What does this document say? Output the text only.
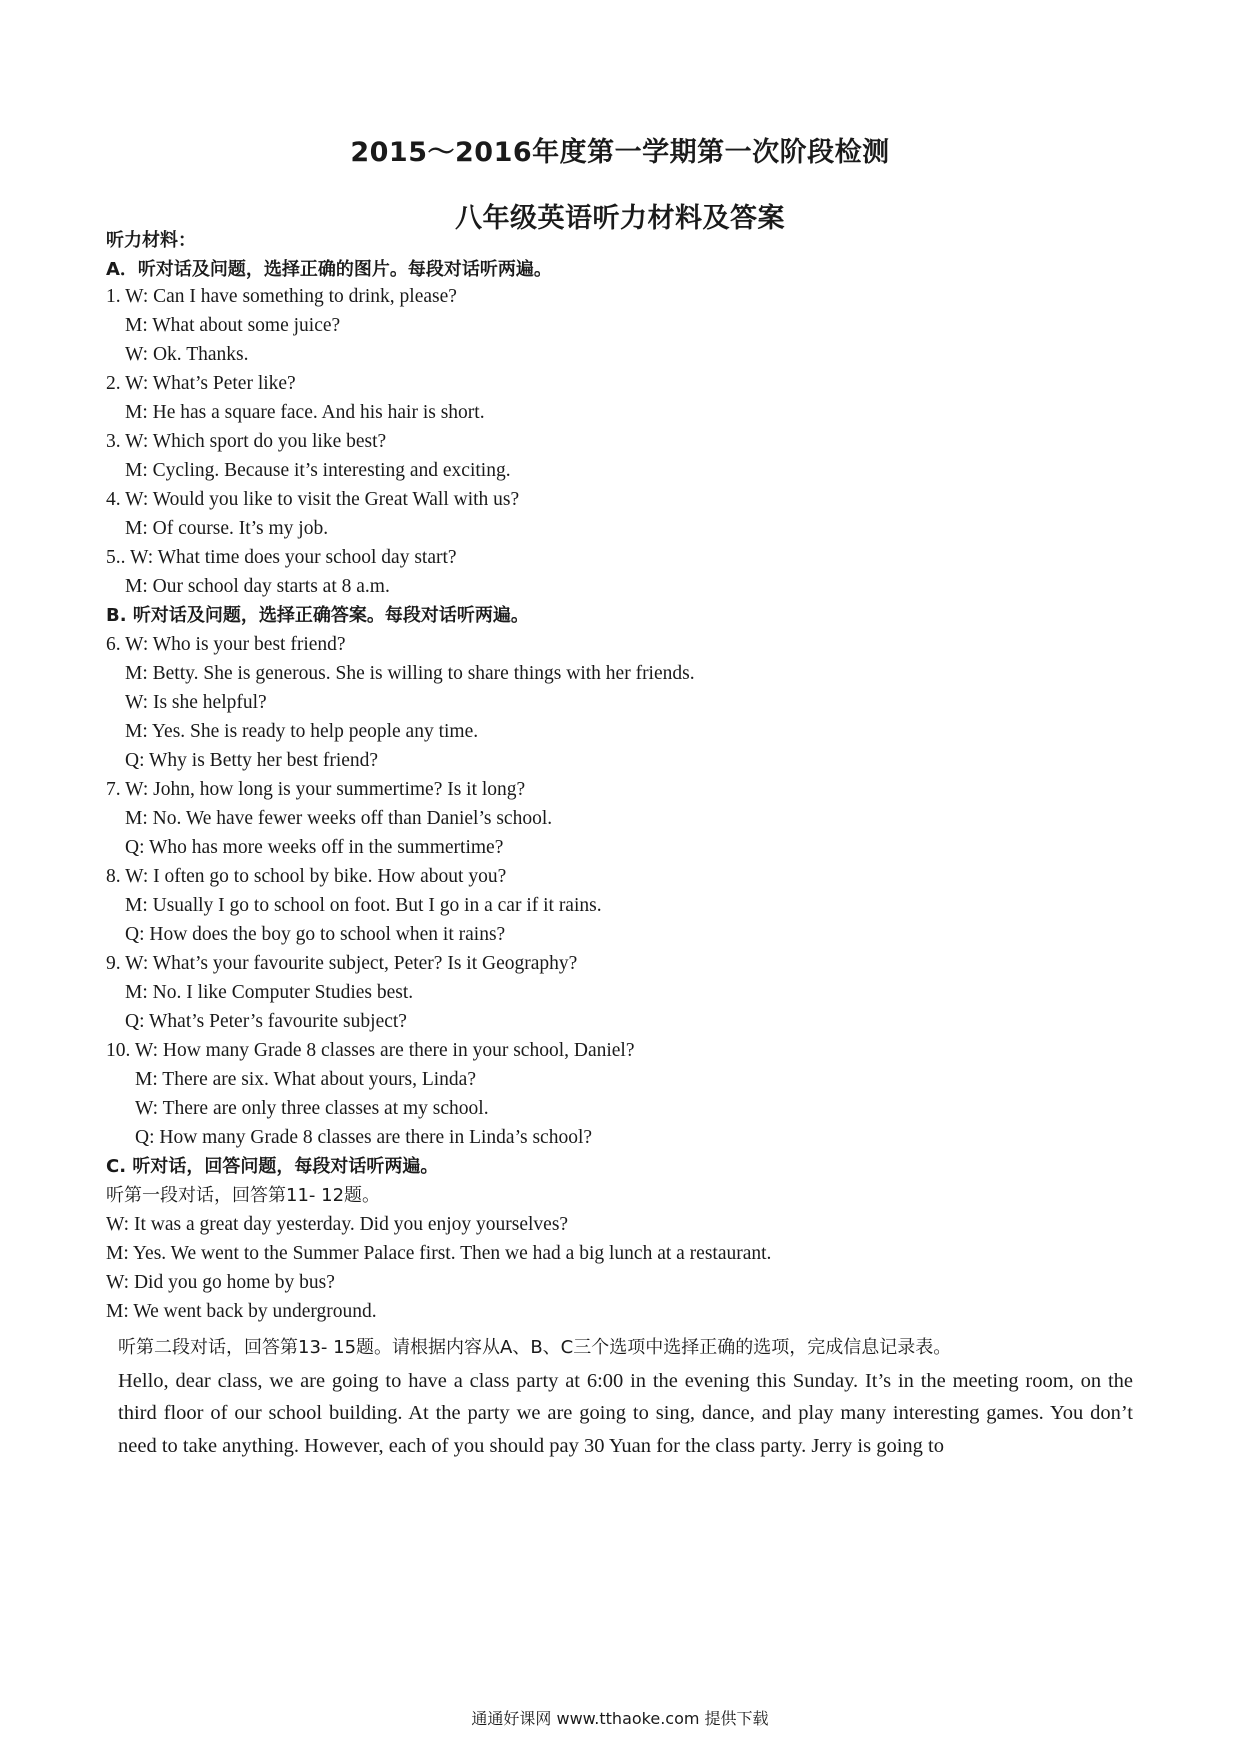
2015～2016年度第一学期第一次阶段检测
八年级英语听力材料及答案
听力材料：
A．听对话及问题，选择正确的图片。每段对话听两遍。
1. W: Can I have something to drink, please?
M: What about some juice?
W: Ok. Thanks.
2. W: What’s Peter like?
M: He has a square face. And his hair is short.
3. W: Which sport do you like best?
M: Cycling. Because it’s interesting and exciting.
4. W: Would you like to visit the Great Wall with us?
M: Of course. It’s my job.
5.. W: What time does your school day start?
M: Our school day starts at 8 a.m.
B. 听对话及问题，选择正确答案。每段对话听两遍。
6. W: Who is your best friend?
M: Betty. She is generous. She is willing to share things with her friends.
W: Is she helpful?
M: Yes. She is ready to help people any time.
Q: Why is Betty her best friend?
7. W: John, how long is your summertime? Is it long?
M: No. We have fewer weeks off than Daniel’s school.
Q: Who has more weeks off in the summertime?
8. W: I often go to school by bike. How about you?
M: Usually I go to school on foot. But I go in a car if it rains.
Q: How does the boy go to school when it rains?
9. W: What’s your favourite subject, Peter? Is it Geography?
M: No. I like Computer Studies best.
Q: What’s Peter’s favourite subject?
10. W: How many Grade 8 classes are there in your school, Daniel?
M: There are six. What about yours, Linda?
W: There are only three classes at my school.
Q: How many Grade 8 classes are there in Linda’s school?
C. 听对话，回答问题，每段对话听两遍。
听第一段对话，回答第11- 12题。
W: It was a great day yesterday. Did you enjoy yourselves?
M: Yes. We went to the Summer Palace first. Then we had a big lunch at a restaurant.
W: Did you go home by bus?
M: We went back by underground.
听第二段对话，回答第13- 15题。请根据内容从A、B、C三个选项中选择正确的选项，完成信息记录表。
Hello, dear class, we are going to have a class party at 6:00 in the evening this Sunday. It’s in the meeting room, on the third floor of our school building. At the party we are going to sing, dance, and play many interesting games. You don’t need to take anything. However, each of you should pay 30 Yuan for the class party. Jerry is going to
通通好课网 www.tthaoke.com 提供下载
